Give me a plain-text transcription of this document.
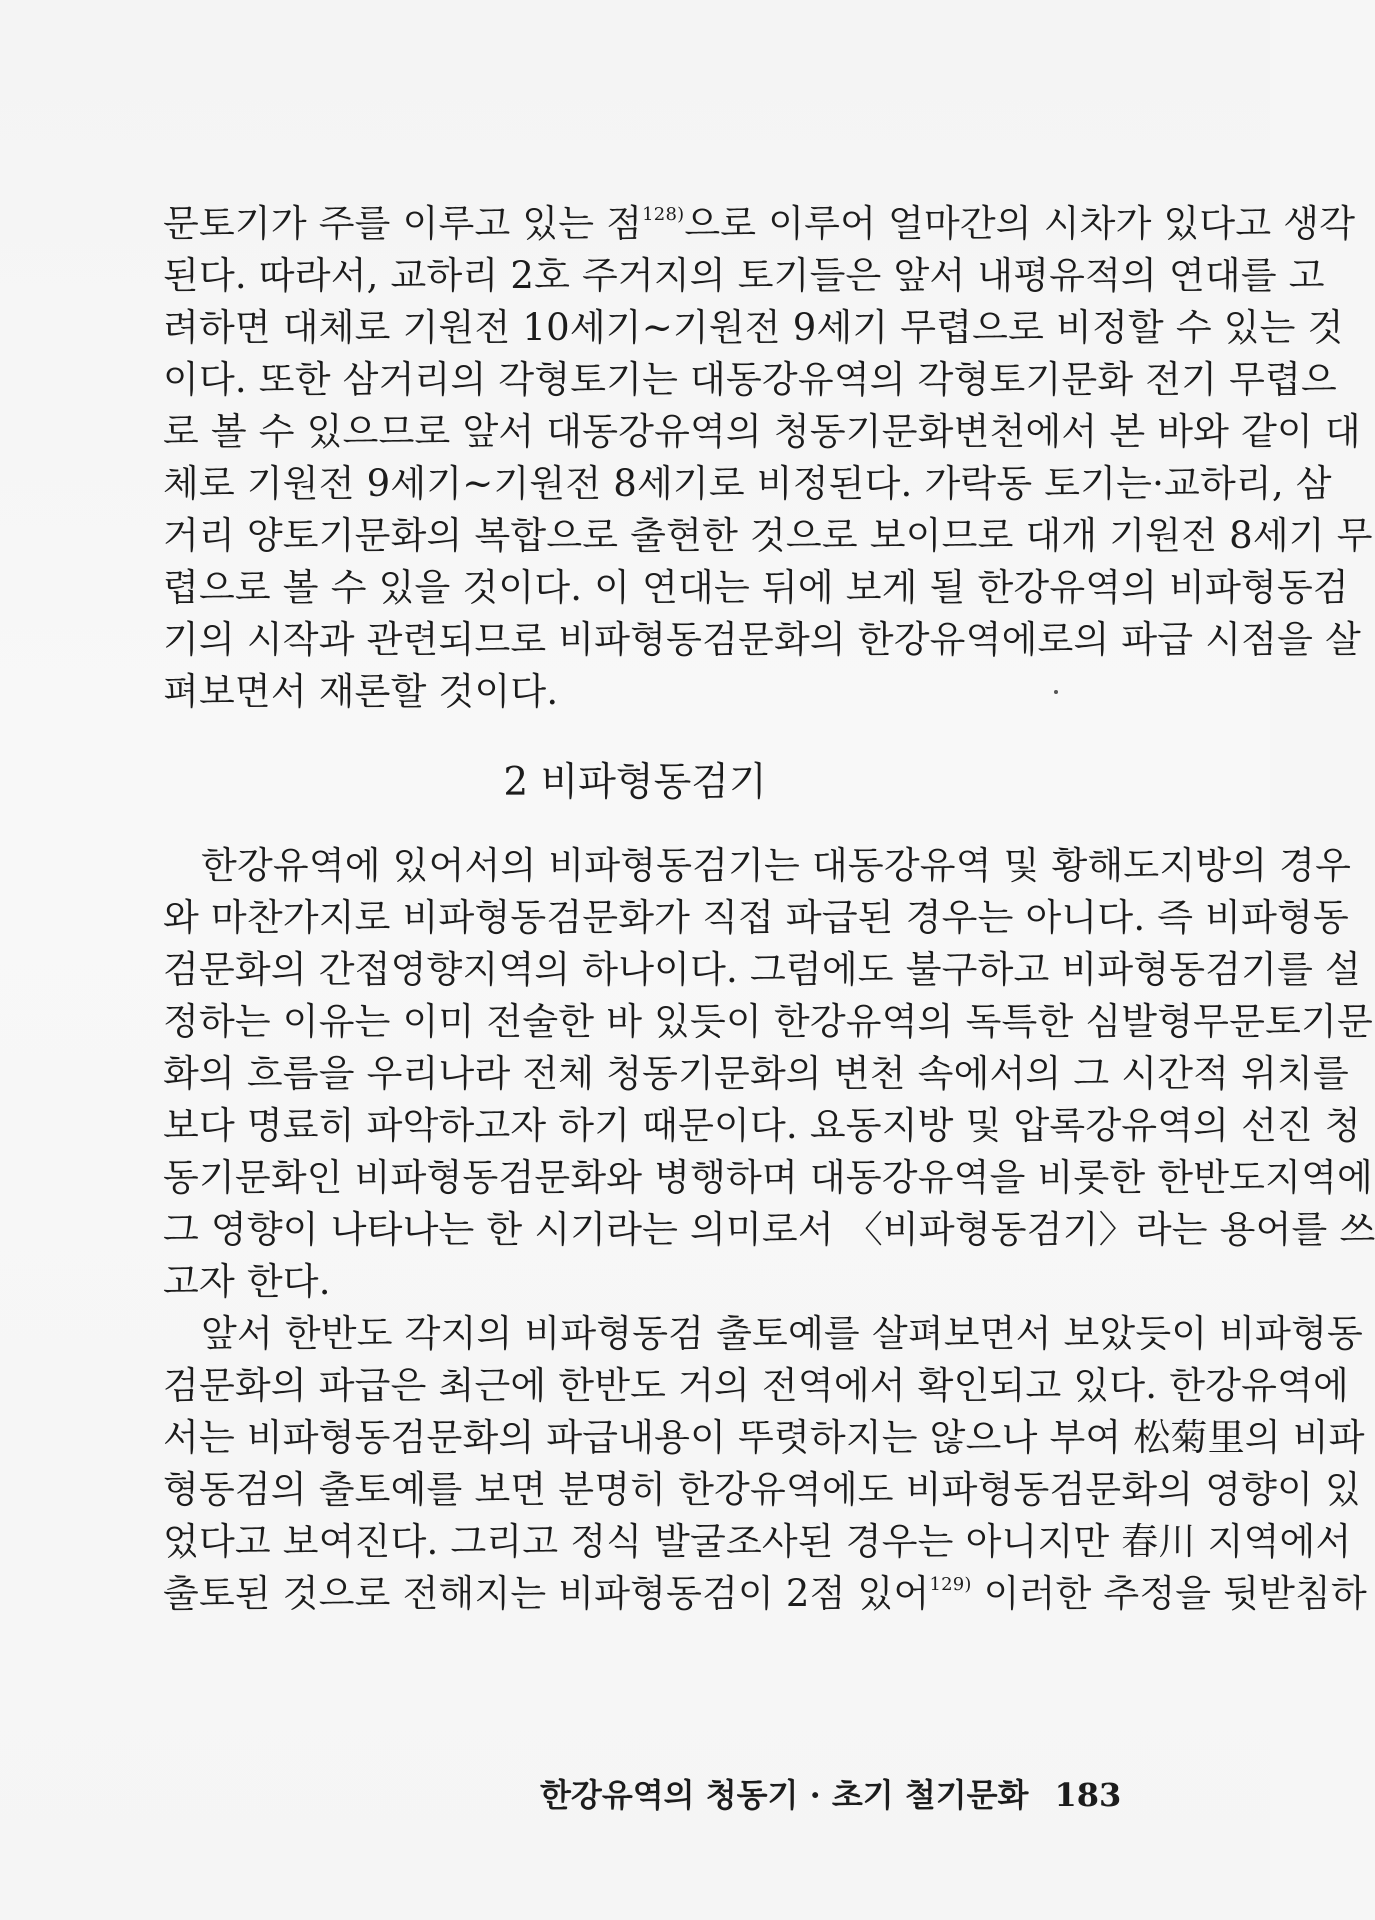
문토기가 주를 이루고 있는 점$^{128)}$으로 이루어 얼마간의 시차가 있다고 생각
된다. 따라서, 교하리 2호 주거지의 토기들은 앞서 내평유적의 연대를 고
려하면 대체로 기원전 10세기~기원전 9세기 무렵으로 비정할 수 있는 것
이다. 또한 삼거리의 각형토기는 대동강유역의 각형토기문화 전기 무렵으
로 볼 수 있으므로 앞서 대동강유역의 청동기문화변천에서 본 바와 같이 대
체로 기원전 9세기~기원전 8세기로 비정된다. 가락동 토기는·교하리, 삼
거리 양토기문화의 복합으로 출현한 것으로 보이므로 대개 기원전 8세기 무
렵으로 볼 수 있을 것이다. 이 연대는 뒤에 보게 될 한강유역의 비파형동검
기의 시작과 관련되므로 비파형동검문화의 한강유역에로의 파급 시점을 살
펴보면서 재론할 것이다.
2 비파형동검기
한강유역에 있어서의 비파형동검기는 대동강유역 및 황해도지방의 경우
와 마찬가지로 비파형동검문화가 직접 파급된 경우는 아니다. 즉 비파형동
검문화의 간접영향지역의 하나이다. 그럼에도 불구하고 비파형동검기를 설
정하는 이유는 이미 전술한 바 있듯이 한강유역의 독특한 심발형무문토기문
화의 흐름을 우리나라 전체 청동기문화의 변천 속에서의 그 시간적 위치를
보다 명료히 파악하고자 하기 때문이다. 요동지방 및 압록강유역의 선진 청
동기문화인 비파형동검문화와 병행하며 대동강유역을 비롯한 한반도지역에
그 영향이 나타나는 한 시기라는 의미로서 〈비파형동검기〉라는 용어를 쓰
고자 한다.
앞서 한반도 각지의 비파형동검 출토예를 살펴보면서 보았듯이 비파형동
검문화의 파급은 최근에 한반도 거의 전역에서 확인되고 있다. 한강유역에
서는 비파형동검문화의 파급내용이 뚜렷하지는 않으나 부여 松菊里의 비파
형동검의 출토예를 보면 분명히 한강유역에도 비파형동검문화의 영향이 있
었다고 보여진다. 그리고 정식 발굴조사된 경우는 아니지만 春川 지역에서
출토된 것으로 전해지는 비파형동검이 2점 있어$^{129)}$ 이러한 추정을 뒷받침하
한강유역의 청동기 · 초기 철기문화 183
